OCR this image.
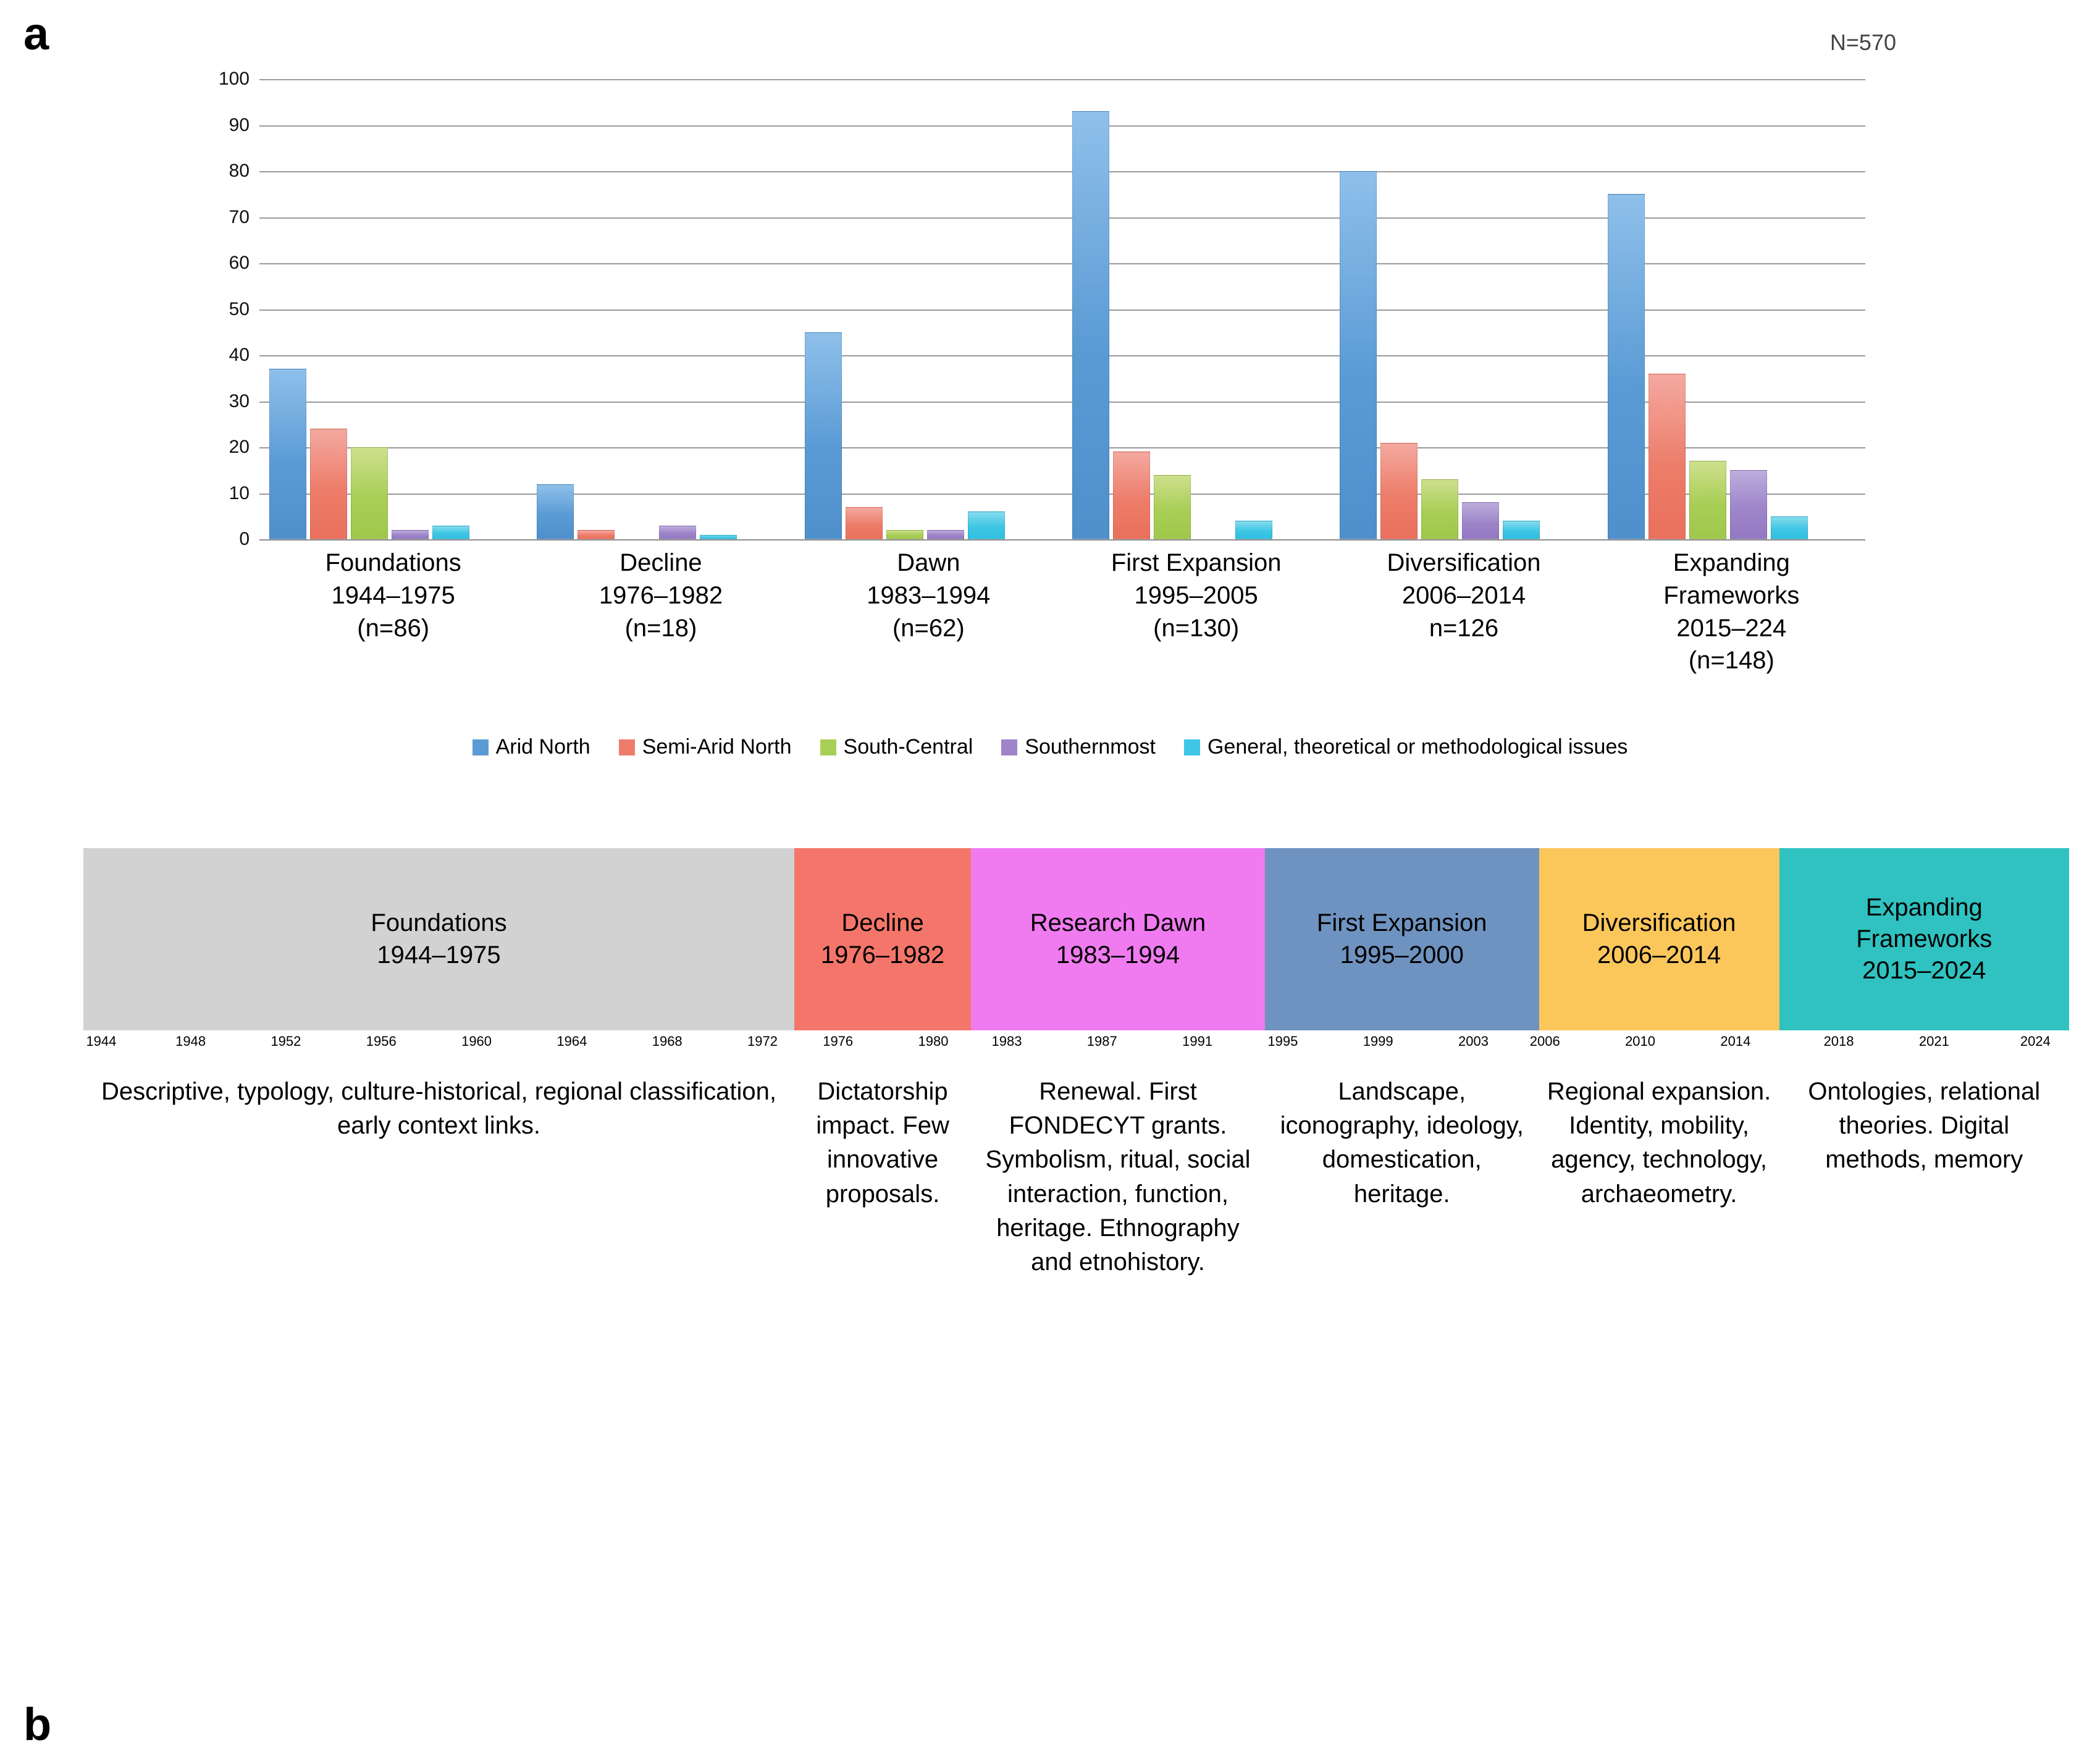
a	N=570
0
10
20
30
40
50
60
70
80
90
100
Foundations
1944–1975
(n=86)
Decline
1976–1982
(n=18)
Dawn
1983–1994
(n=62)
First Expansion
1995–2005
(n=130)
Diversification
2006–2014
n=126
Expanding
Frameworks
2015–224
(n=148)
Arid North Semi-Arid North South-Central Southernmost General, theoretical or methodological issues
b
Foundations
1944–1975
Decline
1976–1982
Research Dawn
1983–1994
First Expansion
1995–2000
Diversification
2006–2014
Expanding
Frameworks
2015–2024
1944	1948	1952	1956	1960	1964	1968	1972	1976	1980	1983	1987	1991	1995	1999	2003	2006	2010	2014	2018	2021	2024
Descriptive, typology, culture-historical, regional classification, early context links.
Dictatorship impact. Few innovative proposals.
Renewal. First FONDECYT grants. Symbolism, ritual, social interaction, function, heritage. Ethnography and etnohistory.
Landscape, iconography, ideology, domestication, heritage.
Regional expansion. Identity, mobility, agency, technology, archaeometry.
Ontologies, relational theories. Digital methods, memory
